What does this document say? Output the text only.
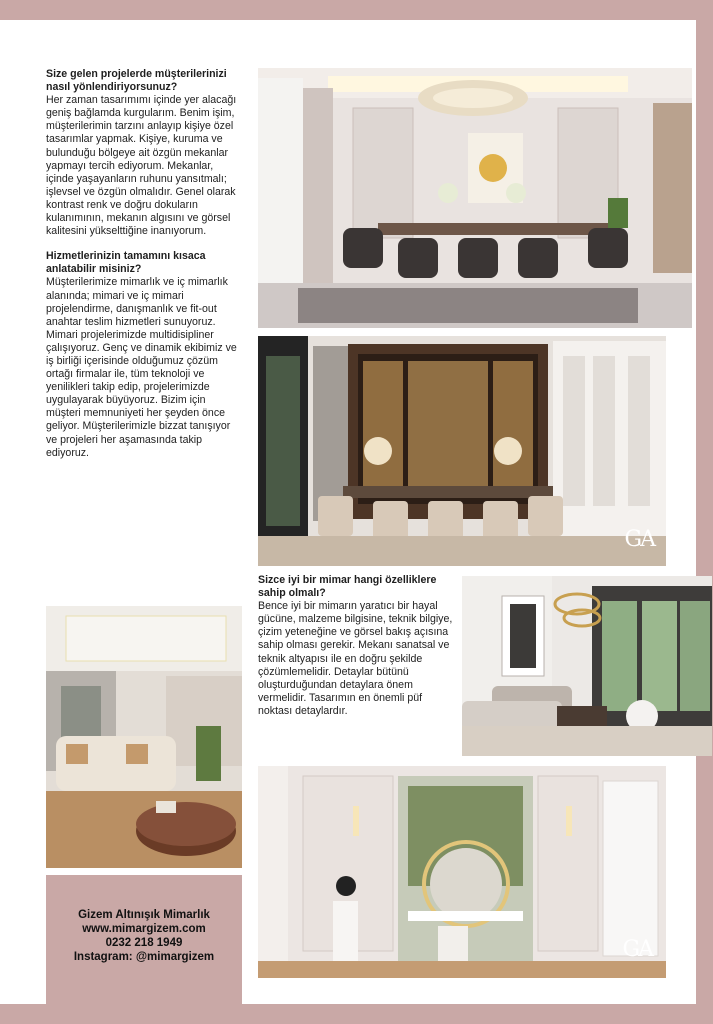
Size gelen projelerde müşterilerinizi nasıl yönlendiriyorsunuz?
Her zaman tasarımımı içinde yer alacağı geniş bağlamda kurgularım. Benim işim, müşterilerimin tarzını anlayıp kişiye özel tasarımlar yapmak. Kişiye, kuruma ve bulunduğu bölgeye ait özgün mekanlar yapmayı tercih ediyorum. Mekanlar, içinde yaşayanların ruhunu yansıtmalı; işlevsel ve özgün olmalıdır. Genel olarak kontrast renk ve doğru dokuların kulanımının, mekanın algısını ve görsel kalitesini yükselttiğine inanıyorum.
Hizmetlerinizin tamamını kısaca anlatabilir misiniz?
Müşterilerimize mimarlık ve iç mimarlık alanında; mimari ve iç mimari projelendirme, danışmanlık ve fit-out anahtar teslim hizmetleri sunuyoruz. Mimari projelerimizde multidisipliner çalışıyoruz. Genç ve dinamik ekibimiz ve iş birliği içerisinde olduğumuz çözüm ortağı firmalar ile, tüm teknoloji ve yenilikleri takip edip, projelerimizde uygulayarak büyüyoruz. Bizim için müşteri memnuniyeti her şeyden önce geliyor. Müşterilerimizle bizzat tanışıyor ve projeleri her aşamasında takip ediyoruz.
Sizce iyi bir mimar hangi özelliklere sahip olmalı?
Bence iyi bir mimarın yaratıcı bir hayal gücüne, malzeme bilgisine, teknik bilgiye, çizim yeteneğine ve görsel bakış açısına sahip olması gerekir. Mekanı sanatsal ve teknik altyapısı ile en doğru şekilde çözümlemelidir. Detaylar bütünü oluşturduğundan detaylara önem vermelidir. Tasarımın en önemli püf noktası detaylardır.
GA
GA
Gizem Altınışık Mimarlık
www.mimargizem.com
0232 218 1949
Instagram: @mimargizem
